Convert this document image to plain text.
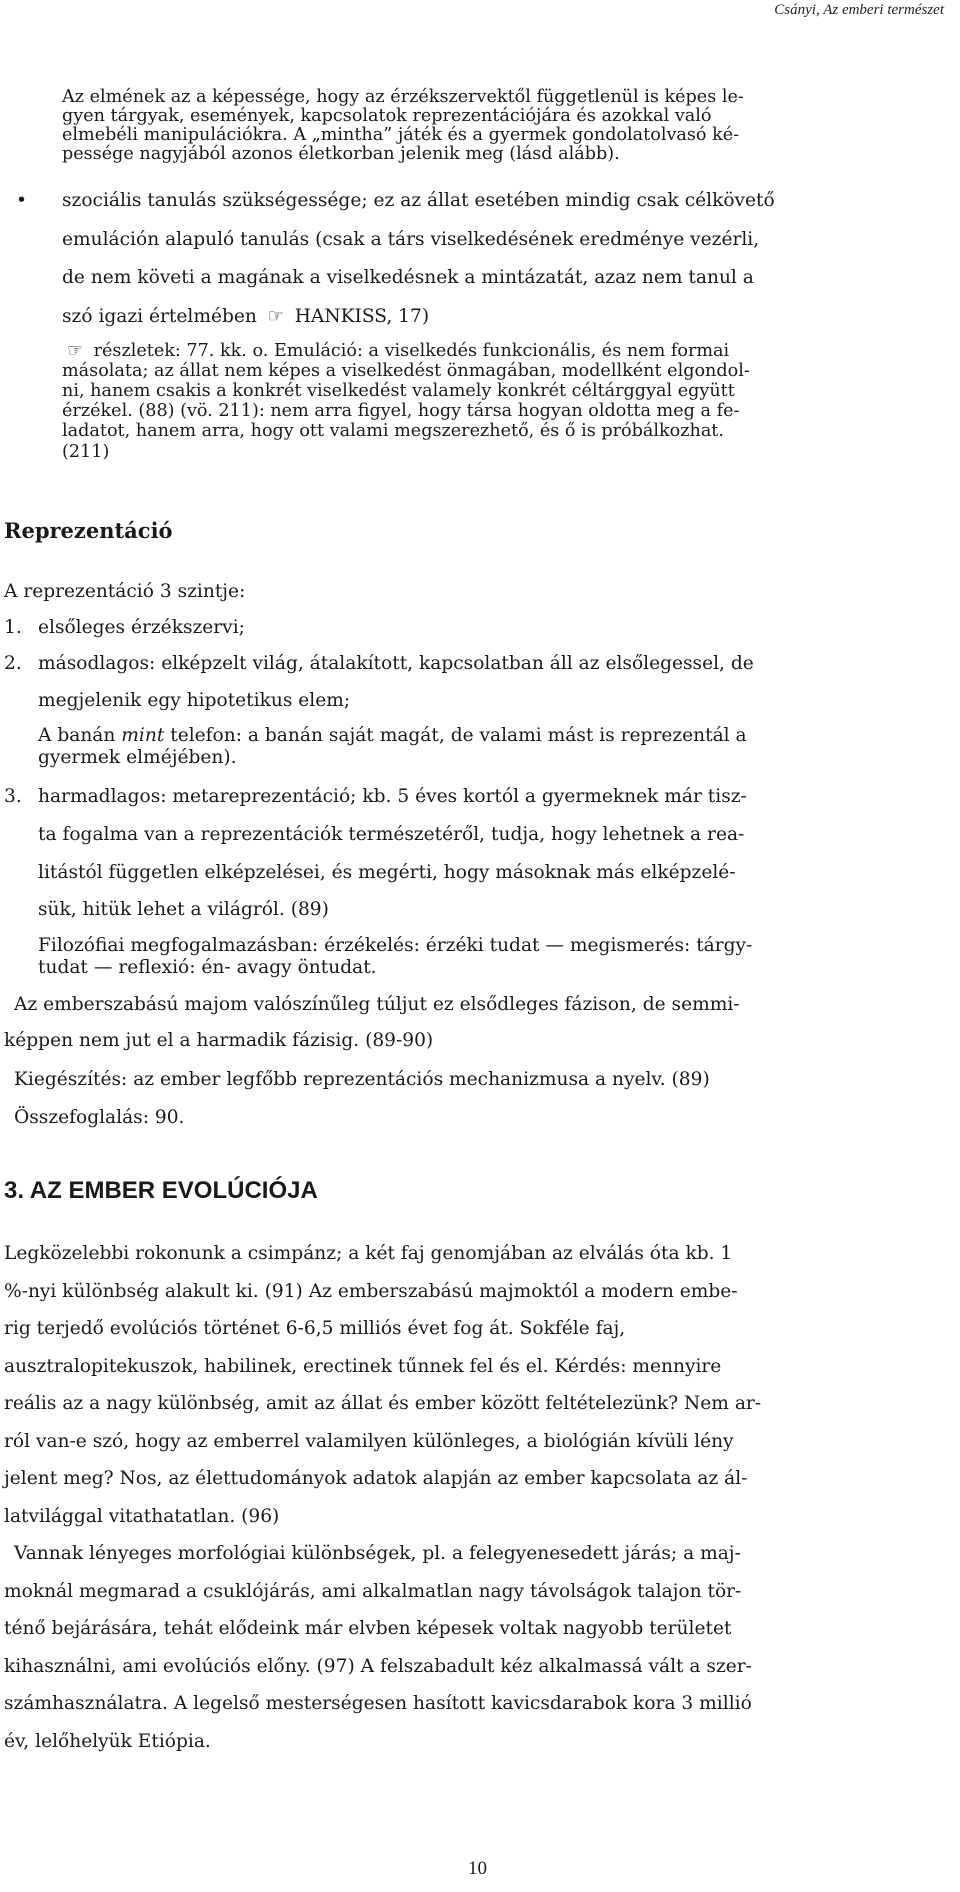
Csányi, Az emberi természet
Az elmének az a képessége, hogy az érzékszervektől függetlenül is képes le-
gyen tárgyak, események, kapcsolatok reprezentációjára és azokkal való
elmebéli manipulációkra. A „mintha” játék és a gyermek gondolatolvasó ké-
pessége nagyjából azonos életkorban jelenik meg (lásd alább).
• szociális tanulás szükségessége; ez az állat esetében mindig csak célkövető
emuláción alapuló tanulás (csak a társ viselkedésének eredménye vezérli,
de nem követi a magának a viselkedésnek a mintázatát, azaz nem tanul a
szó igazi értelmében ☞ HANKISS, 17)
☞ részletek: 77. kk. o. Emuláció: a viselkedés funkcionális, és nem formai
másolata; az állat nem képes a viselkedést önmagában, modellként elgondol-
ni, hanem csakis a konkrét viselkedést valamely konkrét céltárggyal együtt
érzékel. (88) (vö. 211): nem arra figyel, hogy társa hogyan oldotta meg a fe-
ladatot, hanem arra, hogy ott valami megszerezhető, és ő is próbálkozhat.
(211)
Reprezentáció
A reprezentáció 3 szintje:
1. elsőleges érzékszervi;
2. másodlagos: elképzelt világ, átalakított, kapcsolatban áll az elsőlegessel, de
megjelenik egy hipotetikus elem;
A banán mint telefon: a banán saját magát, de valami mást is reprezentál a
gyermek elméjében).
3. harmadlagos: metareprezentáció; kb. 5 éves kortól a gyermeknek már tisz-
ta fogalma van a reprezentációk természetéről, tudja, hogy lehetnek a rea-
litástól független elképzelései, és megérti, hogy másoknak más elképzelé-
sük, hitük lehet a világról. (89)
Filozófiai megfogalmazásban: érzékelés: érzéki tudat — megismerés: tárgy-
tudat — reflexió: én- avagy öntudat.
Az emberszabású majom valószínűleg túljut ez elsődleges fázison, de semmi-
képpen nem jut el a harmadik fázisig. (89-90)
Kiegészítés: az ember legfőbb reprezentációs mechanizmusa a nyelv. (89)
Összefoglalás: 90.
3. AZ EMBER EVOLÚCIÓJA
Legközelebbi rokonunk a csimpánz; a két faj genomjában az elválás óta kb. 1
%-nyi különbség alakult ki. (91) Az emberszabású majmoktól a modern embe-
rig terjedő evolúciós történet 6-6,5 milliós évet fog át. Sokféle faj,
ausztralopitekuszok, habilinek, erectinek tűnnek fel és el. Kérdés: mennyire
reális az a nagy különbség, amit az állat és ember között feltételezünk? Nem ar-
ról van-e szó, hogy az emberrel valamilyen különleges, a biológián kívüli lény
jelent meg? Nos, az élettudományok adatok alapján az ember kapcsolata az ál-
latvilággal vitathatatlan. (96)
Vannak lényeges morfológiai különbségek, pl. a felegyenesedett járás; a maj-
moknál megmarad a csuklójárás, ami alkalmatlan nagy távolságok talajon tör-
ténő bejárására, tehát elődeink már elvben képesek voltak nagyobb területet
kihasználni, ami evolúciós előny. (97) A felszabadult kéz alkalmassá vált a szer-
számhasználatra. A legelső mesterségesen hasított kavicsdarabok kora 3 millió
év, lelőhelyük Etiópia.
10
